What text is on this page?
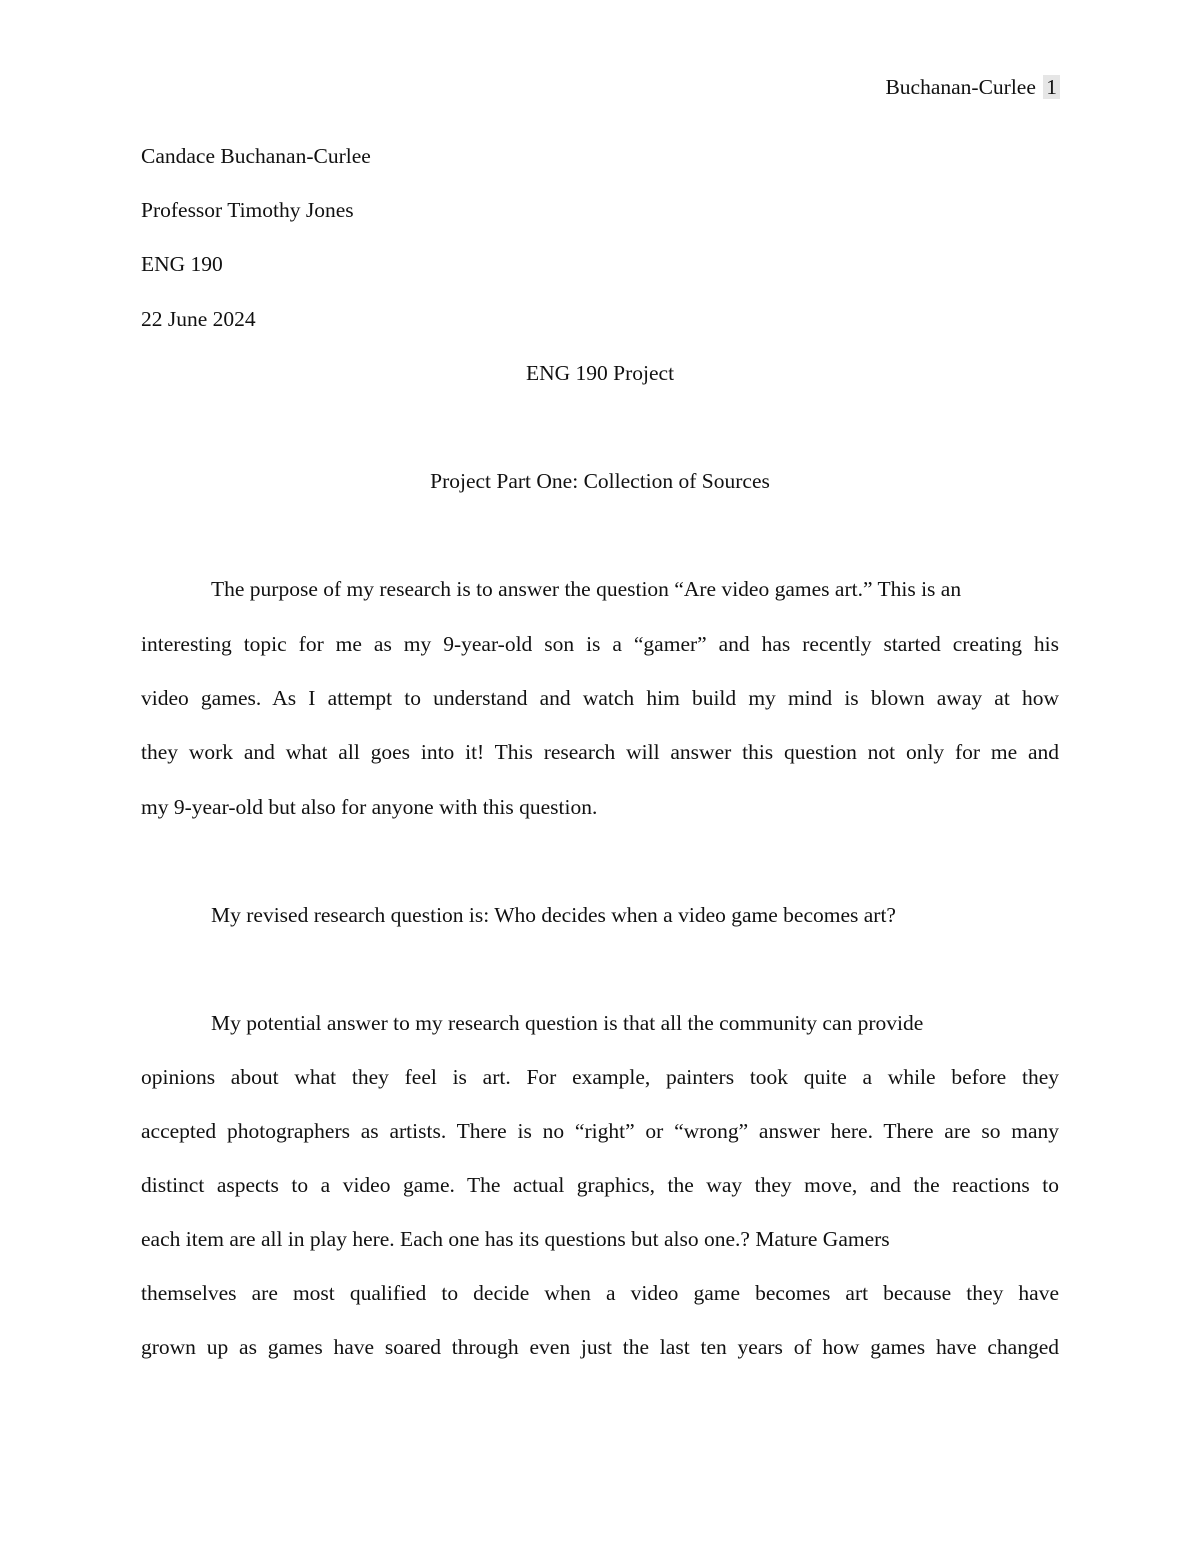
Buchanan-Curlee 1
Candace Buchanan-Curlee
Professor Timothy Jones
ENG 190
22 June 2024
ENG 190 Project
Project Part One: Collection of Sources
The purpose of my research is to answer the question “Are video games art.” This is an
interesting topic for me as my 9-year-old son is a “gamer” and has recently started creating his
video games. As I attempt to understand and watch him build my mind is blown away at how
they work and what all goes into it! This research will answer this question not only for me and
my 9-year-old but also for anyone with this question.
My revised research question is: Who decides when a video game becomes art?
My potential answer to my research question is that all the community can provide
opinions about what they feel is art. For example, painters took quite a while before they
accepted photographers as artists. There is no “right” or “wrong” answer here. There are so many
distinct aspects to a video game. The actual graphics, the way they move, and the reactions to
each item are all in play here. Each one has its questions but also one.? Mature Gamers
themselves are most qualified to decide when a video game becomes art because they have
grown up as games have soared through even just the last ten years of how games have changed
